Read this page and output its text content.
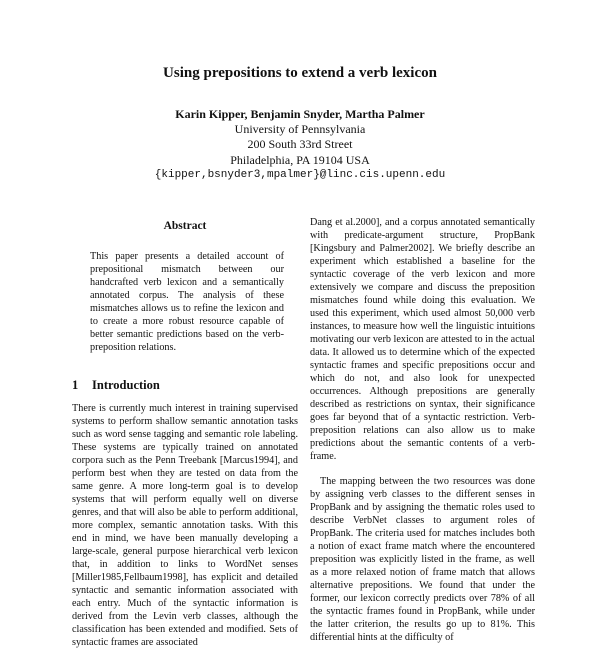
Using prepositions to extend a verb lexicon
Karin Kipper, Benjamin Snyder, Martha Palmer
University of Pennsylvania
200 South 33rd Street
Philadelphia, PA 19104 USA
{kipper,bsnyder3,mpalmer}@linc.cis.upenn.edu
Abstract
This paper presents a detailed account of prepositional mismatch between our handcrafted verb lexicon and a semantically annotated corpus. The analysis of these mismatches allows us to refine the lexicon and to create a more robust resource capable of better semantic predictions based on the verb-preposition relations.
1 Introduction
There is currently much interest in training supervised systems to perform shallow semantic annotation tasks such as word sense tagging and semantic role labeling. These systems are typically trained on annotated corpora such as the Penn Treebank [Marcus1994], and perform best when they are tested on data from the same genre. A more long-term goal is to develop systems that will perform equally well on diverse genres, and that will also be able to perform additional, more complex, semantic annotation tasks. With this end in mind, we have been manually developing a large-scale, general purpose hierarchical verb lexicon that, in addition to links to WordNet senses [Miller1985,Fellbaum1998], has explicit and detailed syntactic and semantic information associated with each entry. Much of the syntactic information is derived from the Levin verb classes, although the classification has been extended and modified. Sets of syntactic frames are associated

Dang et al.2000], and a corpus annotated semantically with predicate-argument structure, PropBank [Kingsbury and Palmer2002]. We briefly describe an experiment which established a baseline for the syntactic coverage of the verb lexicon and more extensively we compare and discuss the preposition mismatches found while doing this evaluation. We used this experiment, which used almost 50,000 verb instances, to measure how well the linguistic intuitions motivating our verb lexicon are attested to in the actual data. It allowed us to determine which of the expected syntactic frames and specific prepositions occur and which do not, and also look for unexpected occurrences. Although prepositions are generally described as restrictions on syntax, their significance goes far beyond that of a syntactic restriction. Verb-preposition relations can also allow us to make predictions about the semantic contents of a verb-frame.

The mapping between the two resources was done by assigning verb classes to the different senses in PropBank and by assigning the thematic roles used to describe VerbNet classes to argument roles of PropBank. The criteria used for matches includes both a notion of exact frame match where the encountered preposition was explicitly listed in the frame, as well as a more relaxed notion of frame match that allows alternative prepositions. We found that under the former, our lexicon correctly predicts over 78% of all the syntactic frames found in PropBank, while under the latter criterion, the results go up to 81%. This differential hints at the difficulty of
